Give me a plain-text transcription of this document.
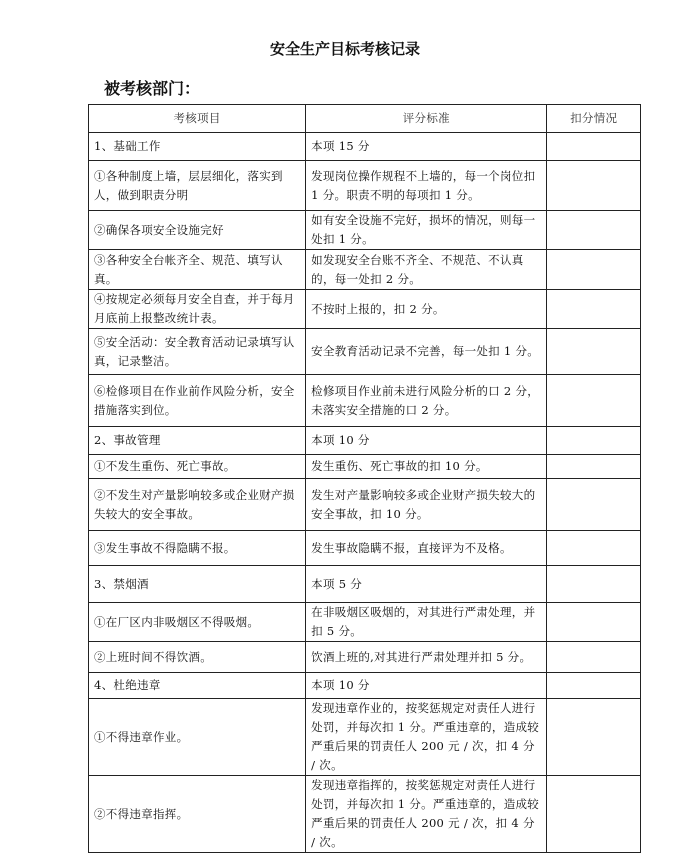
安全生产目标考核记录
被考核部门：
考核项目	评分标准	扣分情况
1、基础工作	本项 15 分	
①各种制度上墙，层层细化，落实到人，做到职责分明	发现岗位操作规程不上墙的，每一个岗位扣 1 分。职责不明的每项扣 1 分。	
②确保各项安全设施完好	如有安全设施不完好，损坏的情况，则每一处扣 1 分。	
③各种安全台帐齐全、规范、填写认真。	如发现安全台账不齐全、不规范、不认真的，每一处扣 2 分。	
④按规定必须每月安全自查，并于每月月底前上报整改统计表。	不按时上报的，扣 2 分。	
⑤安全活动：安全教育活动记录填写认真，记录整洁。	安全教育活动记录不完善，每一处扣 1 分。	
⑥检修项目在作业前作风险分析，安全措施落实到位。	检修项目作业前未进行风险分析的口 2 分，未落实安全措施的口 2 分。	
2、事故管理	本项 10 分	
①不发生重伤、死亡事故。	发生重伤、死亡事故的扣 10 分。	
②不发生对产量影响较多或企业财产损失较大的安全事故。	发生对产量影响较多或企业财产损失较大的安全事故，扣 10 分。	
③发生事故不得隐瞒不报。	发生事故隐瞒不报，直接评为不及格。	
3、禁烟酒	本项 5 分	
①在厂区内非吸烟区不得吸烟。	在非吸烟区吸烟的，对其进行严肃处理，并扣 5 分。	
②上班时间不得饮酒。	饮酒上班的,对其进行严肃处理并扣 5 分。	
4、杜绝违章	本项 10 分	
①不得违章作业。	发现违章作业的，按奖惩规定对责任人进行处罚，并每次扣 1 分。严重违章的，造成较严重后果的罚责任人 200 元 / 次，扣 4 分 / 次。	
②不得违章指挥。	发现违章指挥的，按奖惩规定对责任人进行处罚，并每次扣 1 分。严重违章的，造成较严重后果的罚责任人 200 元 / 次，扣 4 分 / 次。	
